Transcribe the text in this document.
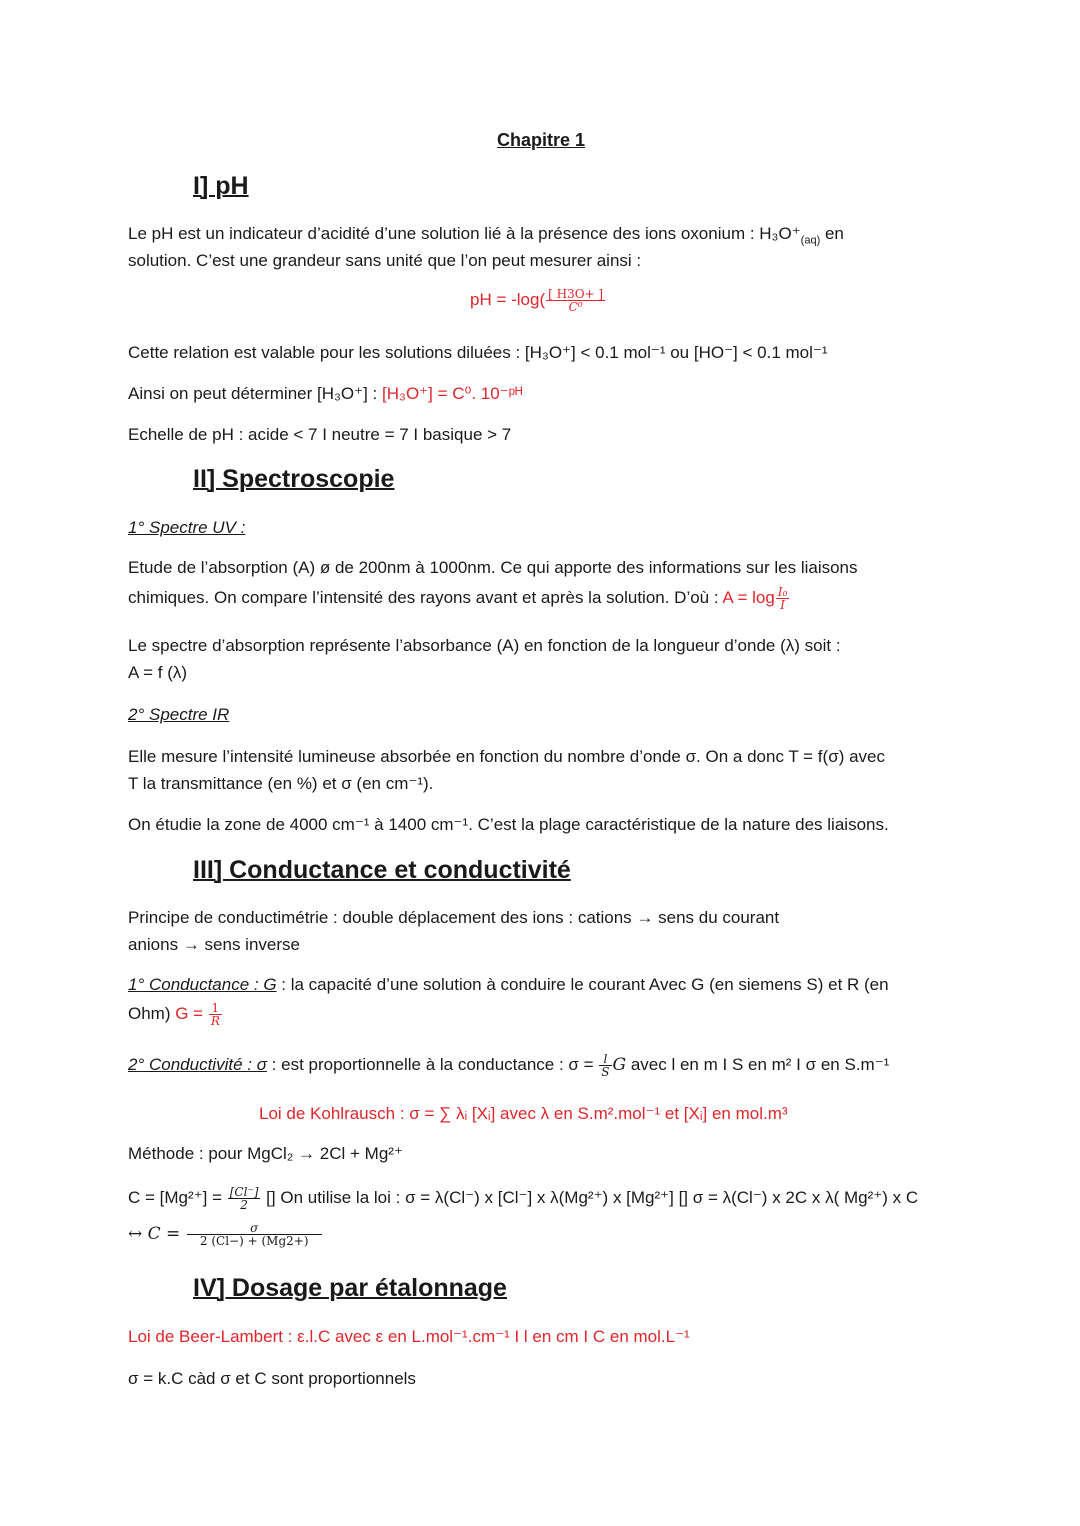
Chapitre 1
I] pH
Le pH est un indicateur d’acidité d’une solution lié à la présence des ions oxonium : $H_3O^+_{(aq)}$ en
solution. C’est une grandeur sans unité que l’on peut mesurer ainsi :
pH = $-\log( \frac{[ H3O+ ]}{\text{C⁰}}$
Cette relation est valable pour les solutions diluées : [H₃O⁺] < 0.1 mol⁻¹ ou [HO⁻] < 0.1 mol⁻¹
Ainsi on peut déterminer [H₃O⁺] : [H₃O⁺] = C⁰. 10⁻ᵖᴴ
Echelle de pH : acide < 7 I neutre = 7 I basique > 7
II] Spectroscopie
1° Spectre UV :
Etude de l’absorption (A) ø de 200nm à 1000nm. Ce qui apporte des informations sur les liaisons
chimiques. On compare l’intensité des rayons avant et après la solution. D’où : $A = \log \frac{\text{I₀}}{I}$
Le spectre d’absorption représente l’absorbance (A) en fonction de la longueur d’onde (λ) soit :
A = f (λ)
2° Spectre IR
Elle mesure l’intensité lumineuse absorbée en fonction du nombre d’onde σ. On a donc T = f(σ) avec
T la transmittance (en %) et σ (en cm⁻¹).
On étudie la zone de 4000 cm⁻¹ à 1400 cm⁻¹. C’est la plage caractéristique de la nature des liaisons.
III] Conductance et conductivité
Principe de conductimétrie : double déplacement des ions : cations → sens du courant
anions → sens inverse
1° Conductance : G : la capacité d’une solution à conduire le courant Avec G (en siemens S) et R (en
Ohm) $G = \frac{1}{R}$
2° Conductivité : σ : est proportionnelle à la conductance : $\sigma = \frac{l}{S}$ G avec l en m I S en m² I σ en S.m⁻¹
Loi de Kohlrausch : σ = ∑ λᵢ [Xᵢ] avec λ en S.m².mol⁻¹ et [Xᵢ] en mol.m³
Méthode : pour MgCl₂ → 2Cl + Mg²⁺
$C = [Mg^{2+}] = \frac{[Cl^-]}{2}$ [] On utilise la loi : σ = λ(Cl⁻) x [Cl⁻] x λ(Mg²⁺) x [Mg²⁺] [] σ = λ(Cl⁻) x 2C x λ( Mg²⁺) x C
↔ $C = \frac{\sigma}{2 (Cl-) + (Mg2+)}$
IV] Dosage par étalonnage
Loi de Beer-Lambert : ε.l.C avec ε en L.mol⁻¹.cm⁻¹ I l en cm I C en mol.L⁻¹
σ = k.C càd σ et C sont proportionnels
